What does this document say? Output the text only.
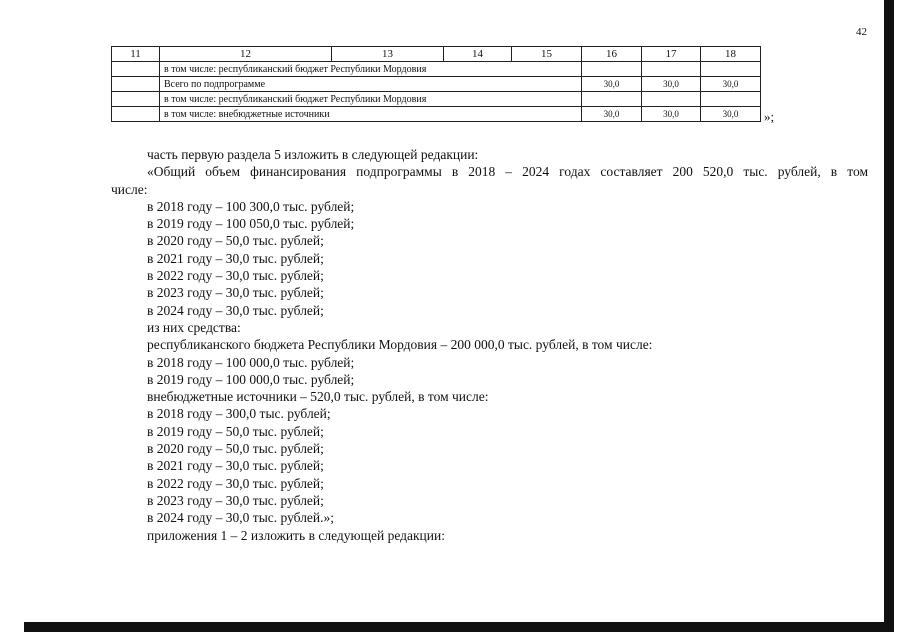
42
11	12	13	14	15	16	17	18
	в том числе: республиканский бюджет Республики Мордовия						
	Всего по подпрограмме				30,0	30,0	30,0
	в том числе: республиканский бюджет Республики Мордовия						
	в том числе: внебюджетные источники				30,0	30,0	30,0 »;

часть первую раздела 5 изложить в следующей редакции:

«Общий объем финансирования подпрограммы в 2018 – 2024 годах составляет 200 520,0 тыс. рублей, в том

числе:

в 2018 году – 100 300,0 тыс. рублей;

в 2019 году – 100 050,0 тыс. рублей;

в 2020 году – 50,0 тыс. рублей;

в 2021 году – 30,0 тыс. рублей;

в 2022 году – 30,0 тыс. рублей;

в 2023 году – 30,0 тыс. рублей;

в 2024 году – 30,0 тыс. рублей;

из них средства:

республиканского бюджета Республики Мордовия – 200 000,0 тыс. рублей, в том числе:

в 2018 году – 100 000,0 тыс. рублей;

в 2019 году – 100 000,0 тыс. рублей;

внебюджетные источники – 520,0 тыс. рублей, в том числе:

в 2018 году – 300,0 тыс. рублей;

в 2019 году – 50,0 тыс. рублей;

в 2020 году – 50,0 тыс. рублей;

в 2021 году – 30,0 тыс. рублей;

в 2022 году – 30,0 тыс. рублей;

в 2023 году – 30,0 тыс. рублей;

в 2024 году – 30,0 тыс. рублей.»;

приложения 1 – 2 изложить в следующей редакции:
